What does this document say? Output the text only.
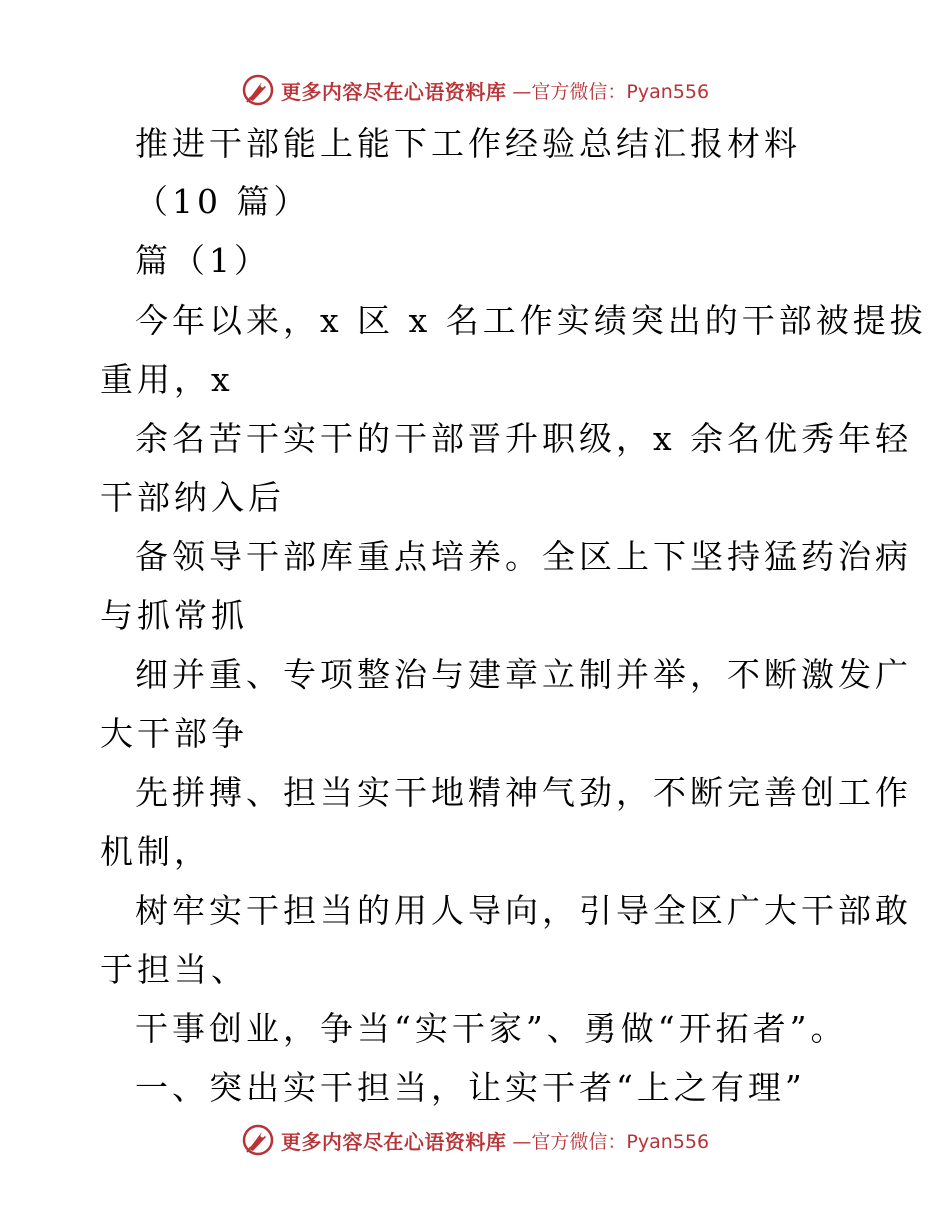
更多内容尽在心语资料库 —官方微信：Pyan556
推进干部能上能下工作经验总结汇报材料
（10 篇）
篇（1）
今年以来，x 区 x 名工作实绩突出的干部被提拔
重用，x
余名苦干实干的干部晋升职级，x 余名优秀年轻
干部纳入后
备领导干部库重点培养。全区上下坚持猛药治病
与抓常抓
细并重、专项整治与建章立制并举，不断激发广
大干部争
先拼搏、担当实干地精神气劲，不断完善创工作
机制，
树牢实干担当的用人导向，引导全区广大干部敢
于担当、
干事创业，争当“实干家”、勇做“开拓者”。
一、突出实干担当，让实干者“上之有理”
更多内容尽在心语资料库 —官方微信：Pyan556
